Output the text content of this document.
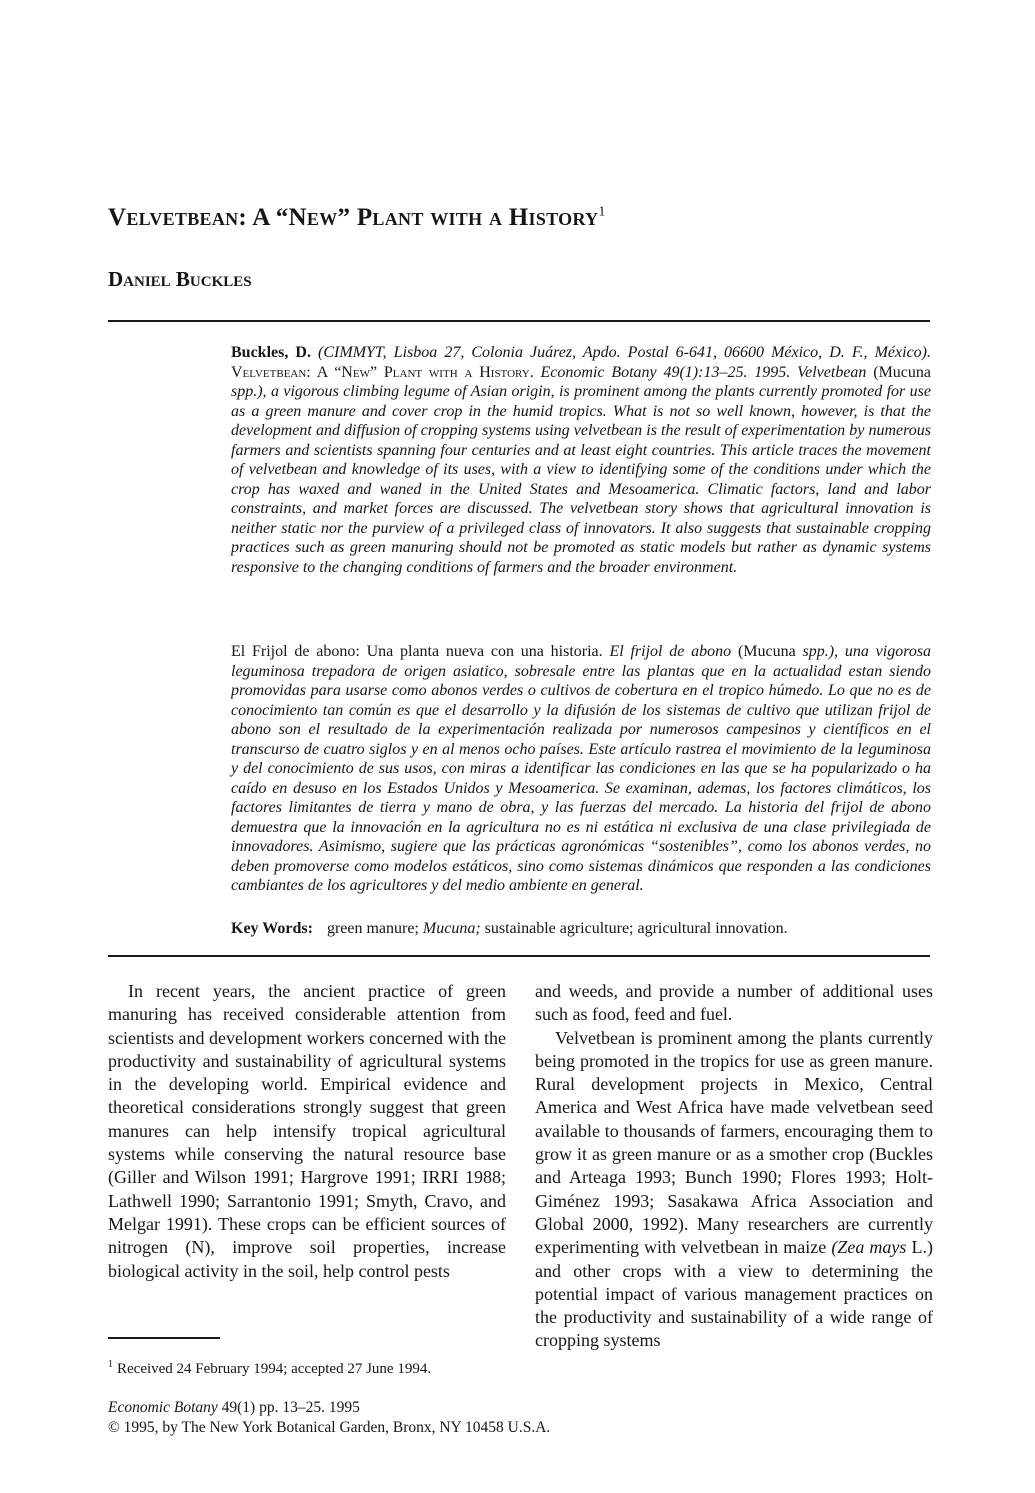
Velvetbean: A “New” Plant with a History$^1$
Daniel Buckles

Buckles, D. (CIMMYT, Lisboa 27, Colonia Juárez, Apdo. Postal 6-641, 06600 México, D. F., México). Velvetbean: A “New” Plant with a History. Economic Botany 49(1):13–25. 1995. Velvetbean (Mucuna spp.), a vigorous climbing legume of Asian origin, is prominent among the plants currently promoted for use as a green manure and cover crop in the humid tropics. What is not so well known, however, is that the development and diffusion of cropping systems using velvetbean is the result of experimentation by numerous farmers and scientists spanning four centuries and at least eight countries. This article traces the movement of velvetbean and knowledge of its uses, with a view to identifying some of the conditions under which the crop has waxed and waned in the United States and Mesoamerica. Climatic factors, land and labor constraints, and market forces are discussed. The velvetbean story shows that agricultural innovation is neither static nor the purview of a privileged class of innovators. It also suggests that sustainable cropping practices such as green manuring should not be promoted as static models but rather as dynamic systems responsive to the changing conditions of farmers and the broader environment.

El Frijol de abono: Una planta nueva con una historia. El frijol de abono (Mucuna spp.), una vigorosa leguminosa trepadora de origen asiatico, sobresale entre las plantas que en la actualidad estan siendo promovidas para usarse como abonos verdes o cultivos de cobertura en el tropico húmedo. Lo que no es de conocimiento tan común es que el desarrollo y la difusión de los sistemas de cultivo que utilizan frijol de abono son el resultado de la experimentación realizada por numerosos campesinos y científicos en el transcurso de cuatro siglos y en al menos ocho países. Este artículo rastrea el movimiento de la leguminosa y del conocimiento de sus usos, con miras a identificar las condiciones en las que se ha popularizado o ha caído en desuso en los Estados Unidos y Mesoamerica. Se examinan, ademas, los factores climáticos, los factores limitantes de tierra y mano de obra, y las fuerzas del mercado. La historia del frijol de abono demuestra que la innovación en la agricultura no es ni estática ni exclusiva de una clase privilegiada de innovadores. Asimismo, sugiere que las prácticas agronómicas “sostenibles”, como los abonos verdes, no deben promoverse como modelos estáticos, sino como sistemas dinámicos que responden a las condiciones cambiantes de los agricultores y del medio ambiente en general.

Key Words: green manure; Mucuna; sustainable agriculture; agricultural innovation.

In recent years, the ancient practice of green manuring has received considerable attention from scientists and development workers concerned with the productivity and sustainability of agricultural systems in the developing world. Empirical evidence and theoretical considerations strongly suggest that green manures can help intensify tropical agricultural systems while conserving the natural resource base (Giller and Wilson 1991; Hargrove 1991; IRRI 1988; Lathwell 1990; Sarrantonio 1991; Smyth, Cravo, and Melgar 1991). These crops can be efficient sources of nitrogen (N), improve soil properties, increase biological activity in the soil, help control pests

and weeds, and provide a number of additional uses such as food, feed and fuel.

Velvetbean is prominent among the plants currently being promoted in the tropics for use as green manure. Rural development projects in Mexico, Central America and West Africa have made velvetbean seed available to thousands of farmers, encouraging them to grow it as green manure or as a smother crop (Buckles and Arteaga 1993; Bunch 1990; Flores 1993; Holt-Giménez 1993; Sasakawa Africa Association and Global 2000, 1992). Many researchers are currently experimenting with velvetbean in maize (Zea mays L.) and other crops with a view to determining the potential impact of various management practices on the productivity and sustainability of a wide range of cropping systems

$^1$ Received 24 February 1994; accepted 27 June 1994.

Economic Botany 49(1) pp. 13–25. 1995

© 1995, by The New York Botanical Garden, Bronx, NY 10458 U.S.A.
